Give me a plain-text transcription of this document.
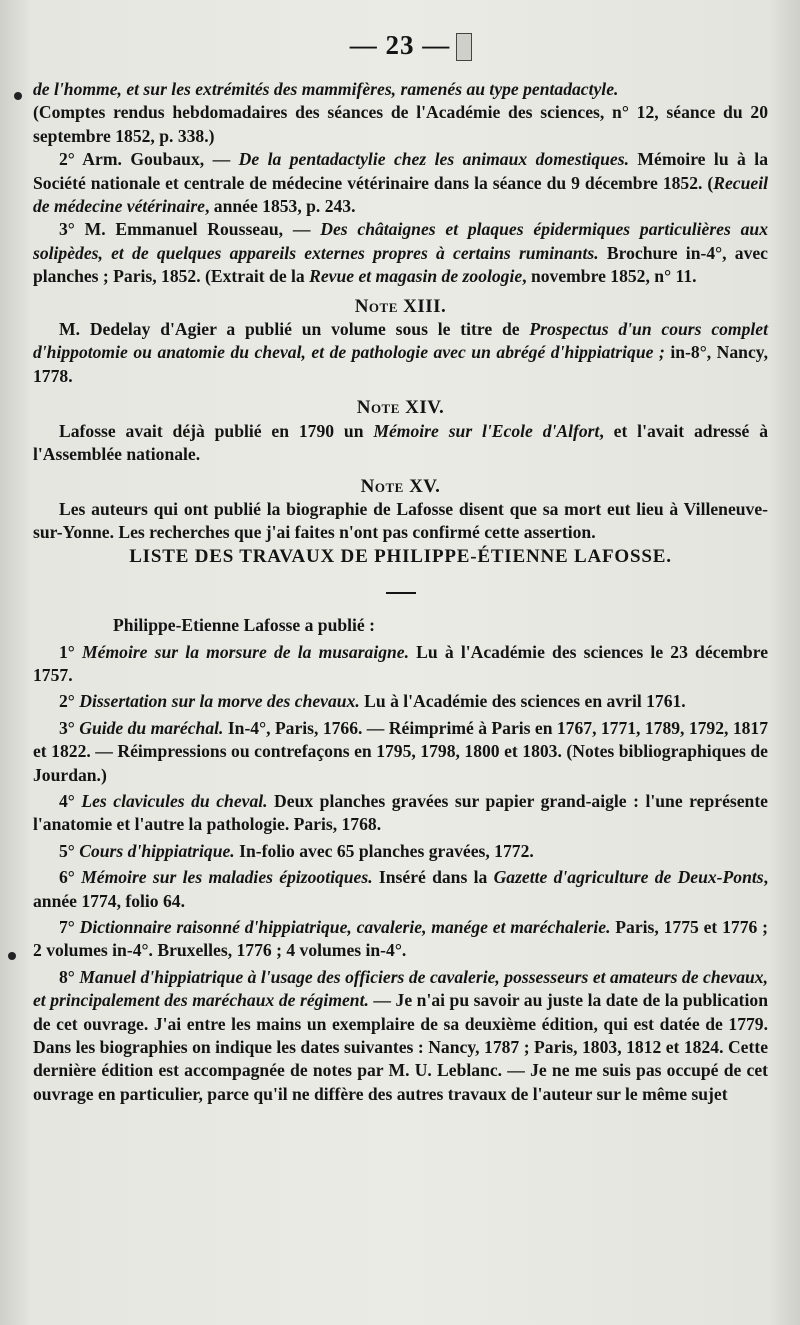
— 23 —

de l'homme, et sur les extrémités des mammifères, ramenés au type pentadactyle.

(Comptes rendus hebdomadaires des séances de l'Académie des sciences, n° 12, séance du 20 septembre 1852, p. 338.)

2° Arm. Goubaux, — De la pentadactylie chez les animaux domestiques. Mémoire lu à la Société nationale et centrale de médecine vétérinaire dans la séance du 9 décembre 1852. (Recueil de médecine vétérinaire, année 1853, p. 243.

3° M. Emmanuel Rousseau, — Des châtaignes et plaques épidermiques particulières aux solipèdes, et de quelques appareils externes propres à certains ruminants. Brochure in-4°, avec planches ; Paris, 1852. (Extrait de la Revue et magasin de zoologie, novembre 1852, n° 11.

Note XIII.

M. Dedelay d'Agier a publié un volume sous le titre de Prospectus d'un cours complet d'hippotomie ou anatomie du cheval, et de pathologie avec un abrégé d'hippiatrique ; in-8°, Nancy, 1778.

Note XIV.

Lafosse avait déjà publié en 1790 un Mémoire sur l'Ecole d'Alfort, et l'avait adressé à l'Assemblée nationale.

Note XV.

Les auteurs qui ont publié la biographie de Lafosse disent que sa mort eut lieu à Villeneuve-sur-Yonne. Les recherches que j'ai faites n'ont pas confirmé cette assertion.

LISTE DES TRAVAUX DE PHILIPPE-ÉTIENNE LAFOSSE.

Philippe-Etienne Lafosse a publié :

1° Mémoire sur la morsure de la musaraigne. Lu à l'Académie des sciences le 23 décembre 1757.

2° Dissertation sur la morve des chevaux. Lu à l'Académie des sciences en avril 1761.

3° Guide du maréchal. In-4°, Paris, 1766. — Réimprimé à Paris en 1767, 1771, 1789, 1792, 1817 et 1822. — Réimpressions ou contrefaçons en 1795, 1798, 1800 et 1803. (Notes bibliographiques de Jourdan.)

4° Les clavicules du cheval. Deux planches gravées sur papier grand-aigle : l'une représente l'anatomie et l'autre la pathologie. Paris, 1768.

5° Cours d'hippiatrique. In-folio avec 65 planches gravées, 1772.

6° Mémoire sur les maladies épizootiques. Inséré dans la Gazette d'agriculture de Deux-Ponts, année 1774, folio 64.

7° Dictionnaire raisonné d'hippiatrique, cavalerie, manége et maréchalerie. Paris, 1775 et 1776 ; 2 volumes in-4°. Bruxelles, 1776 ; 4 volumes in-4°.

8° Manuel d'hippiatrique à l'usage des officiers de cavalerie, possesseurs et amateurs de chevaux, et principalement des maréchaux de régiment. — Je n'ai pu savoir au juste la date de la publication de cet ouvrage. J'ai entre les mains un exemplaire de sa deuxième édition, qui est datée de 1779. Dans les biographies on indique les dates suivantes : Nancy, 1787 ; Paris, 1803, 1812 et 1824. Cette dernière édition est accompagnée de notes par M. U. Leblanc. — Je ne me suis pas occupé de cet ouvrage en particulier, parce qu'il ne diffère des autres travaux de l'auteur sur le même sujet
